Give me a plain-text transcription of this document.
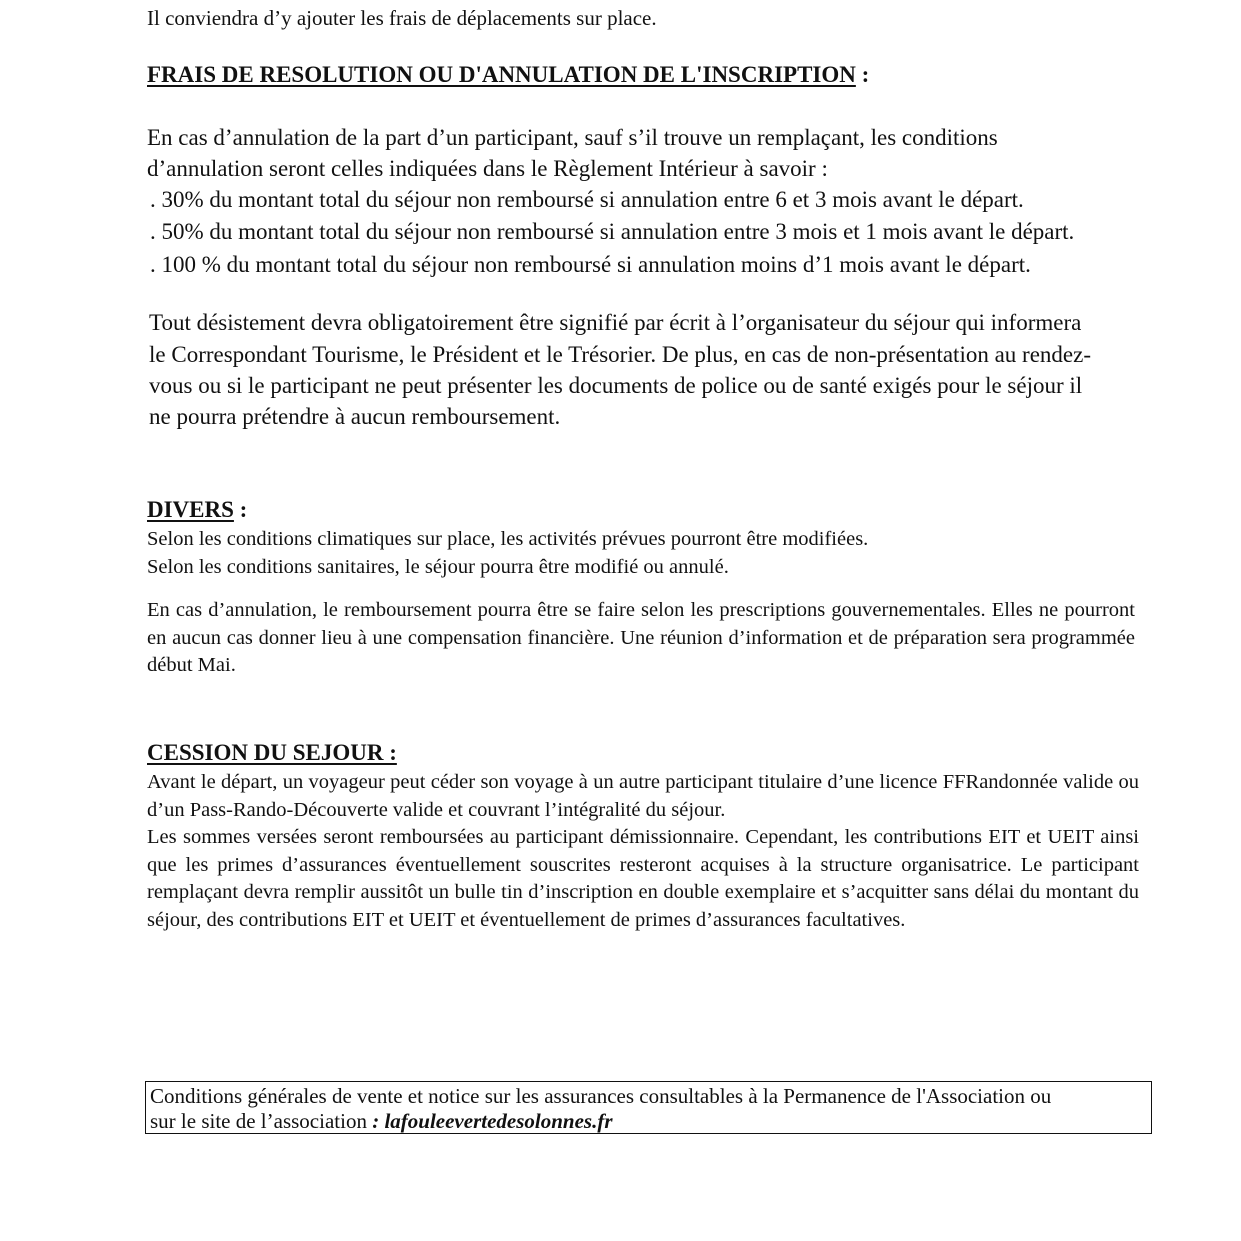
Il conviendra d’y ajouter les frais de déplacements sur place.

FRAIS DE RESOLUTION OU D'ANNULATION DE L'INSCRIPTION :

En cas d’annulation de la part d’un participant, sauf s’il trouve un remplaçant, les conditions

d’annulation seront celles indiquées dans le Règlement Intérieur à savoir :

. 30% du montant total du séjour non remboursé si annulation entre 6 et 3 mois avant le départ.

. 50% du montant total du séjour non remboursé si annulation entre 3 mois et 1 mois avant le départ.

. 100 % du montant total du séjour non remboursé si annulation moins d’1 mois avant le départ.

Tout désistement devra obligatoirement être signifié par écrit à l’organisateur du séjour qui informera

le Correspondant Tourisme, le Président et le Trésorier. De plus, en cas de non-présentation au rendez-

vous ou si le participant ne peut présenter les documents de police ou de santé exigés pour le séjour il

ne pourra prétendre à aucun remboursement.

DIVERS :

Selon les conditions climatiques sur place, les activités prévues pourront être modifiées.

Selon les conditions sanitaires, le séjour pourra être modifié ou annulé.

En cas d’annulation, le remboursement pourra être se faire selon les prescriptions gouvernementales. Elles ne pourront en aucun cas donner lieu à une compensation financière. Une réunion d’information et de préparation sera programmée début Mai.

CESSION DU SEJOUR :

Avant le départ, un voyageur peut céder son voyage à un autre participant titulaire d’une licence FFRandonnée valide ou d’un Pass-Rando-Découverte valide et couvrant l’intégralité du séjour.

Les sommes versées seront remboursées au participant démissionnaire. Cependant, les contributions EIT et UEIT ainsi que les primes d’assurances éventuellement souscrites resteront acquises à la structure organisatrice. Le participant remplaçant devra remplir aussitôt un bulle tin d’inscription en double exemplaire et s’acquitter sans délai du montant du séjour, des contributions EIT et UEIT et éventuellement de primes d’assurances facultatives.

Conditions générales de vente et notice sur les assurances consultables à la Permanence de l'Association ou
sur le site de l’association : lafouleevertedesolonnes.fr
